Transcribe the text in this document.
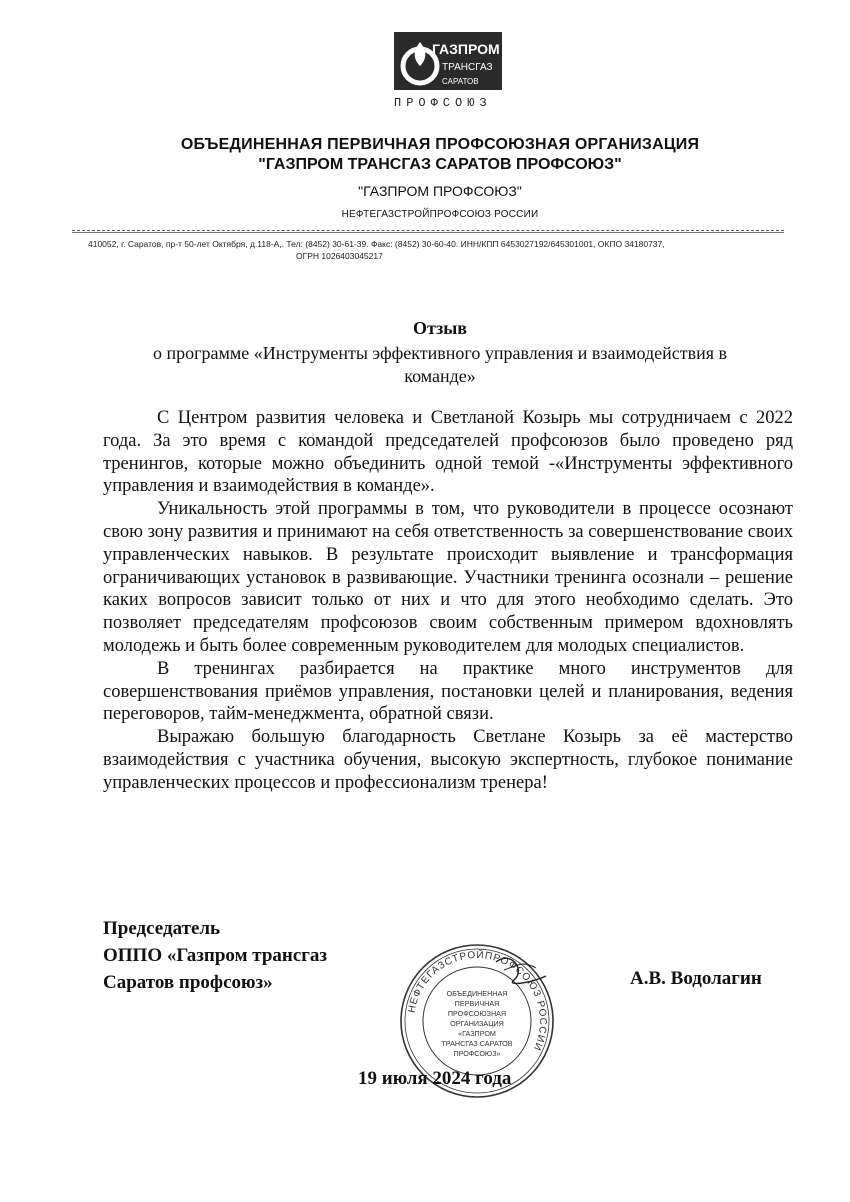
ГАЗПРОМ
ТРАНСГАЗ
САРАТОВ
ПРОФСОЮЗ
ОБЪЕДИНЕННАЯ ПЕРВИЧНАЯ ПРОФСОЮЗНАЯ ОРГАНИЗАЦИЯ
"ГАЗПРОМ ТРАНСГАЗ САРАТОВ ПРОФСОЮЗ"
"ГАЗПРОМ ПРОФСОЮЗ"
НЕФТЕГАЗСТРОЙПРОФСОЮЗ РОССИИ
410052, г. Саратов, пр-т 50-лет Октября, д.118-А,. Тел: (8452) 30-61-39. Факс: (8452) 30-60-40. ИНН/КПП 6453027192/645301001, ОКПО 34180737,
ОГРН 1026403045217
Отзыв
о программе «Инструменты эффективного управления и взаимодействия в команде»

С Центром развития человека и Светланой Козырь мы сотрудничаем с 2022 года. За это время с командой председателей профсоюзов было проведено ряд тренингов, которые можно объединить одной темой -«Инструменты эффективного управления и взаимодействия в команде».

Уникальность этой программы в том, что руководители в процессе осознают свою зону развития и принимают на себя ответственность за совершенствование своих управленческих навыков. В результате происходит выявление и трансформация ограничивающих установок в развивающие. Участники тренинга осознали – решение каких вопросов зависит только от них и что для этого необходимо сделать. Это позволяет председателям профсоюзов своим собственным примером вдохновлять молодежь и быть более современным руководителем для молодых специалистов.

В тренингах разбирается на практике много инструментов для совершенствования приёмов управления, постановки целей и планирования, ведения переговоров, тайм-менеджмента, обратной связи.

Выражаю большую благодарность Светлане Козырь за её мастерство взаимодействия с участника обучения, высокую экспертность, глубокое понимание управленческих процессов и профессионализм тренера!

Председатель
ОППО «Газпром трансгаз
Саратов профсоюз»	А.В. Водолагин
НЕФТЕГАЗСТРОЙПРОФСОЮЗ РОССИИ
ОБЪЕДИНЕННАЯ
ПЕРВИЧНАЯ
ПРОФСОЮЗНАЯ
ОРГАНИЗАЦИЯ
«ГАЗПРОМ
ТРАНСГАЗ САРАТОВ
ПРОФСОЮЗ»
19 июля 2024 года
